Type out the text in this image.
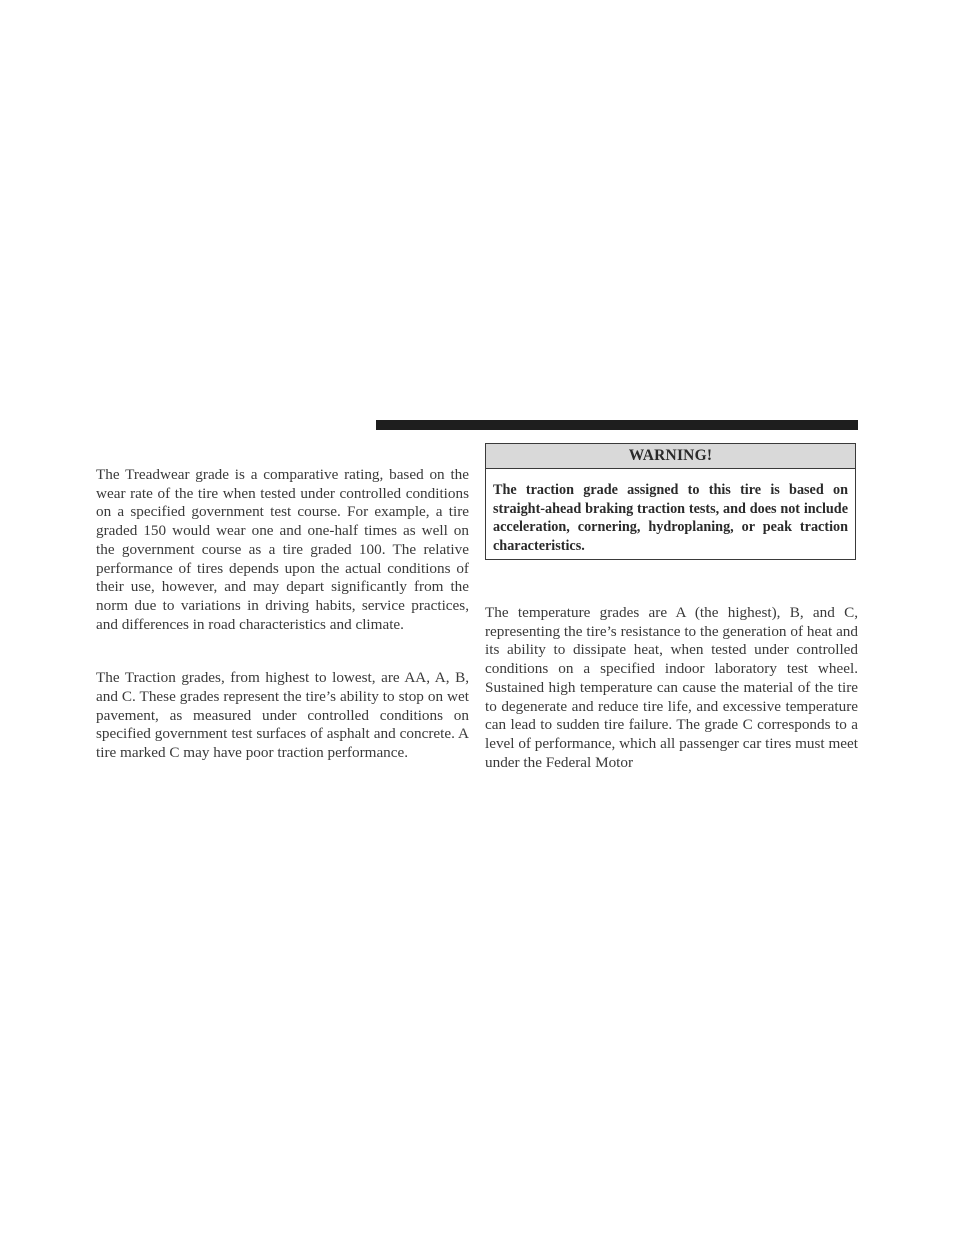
The Treadwear grade is a comparative rating, based on the wear rate of the tire when tested under controlled conditions on a specified government test course. For example, a tire graded 150 would wear one and one-half times as well on the government course as a tire graded 100. The relative performance of tires depends upon the actual conditions of their use, however, and may depart significantly from the norm due to variations in driving habits, service practices, and differences in road characteristics and climate.

The Traction grades, from highest to lowest, are AA, A, B, and C. These grades represent the tire’s ability to stop on wet pavement, as measured under controlled conditions on specified government test surfaces of asphalt and concrete. A tire marked C may have poor traction performance.

WARNING!
The traction grade assigned to this tire is based on straight-ahead braking traction tests, and does not include acceleration, cornering, hydroplaning, or peak traction characteristics.

The temperature grades are A (the highest), B, and C, representing the tire’s resistance to the generation of heat and its ability to dissipate heat, when tested under controlled conditions on a specified indoor laboratory test wheel. Sustained high temperature can cause the material of the tire to degenerate and reduce tire life, and excessive temperature can lead to sudden tire failure. The grade C corresponds to a level of performance, which all passenger car tires must meet under the Federal Motor
